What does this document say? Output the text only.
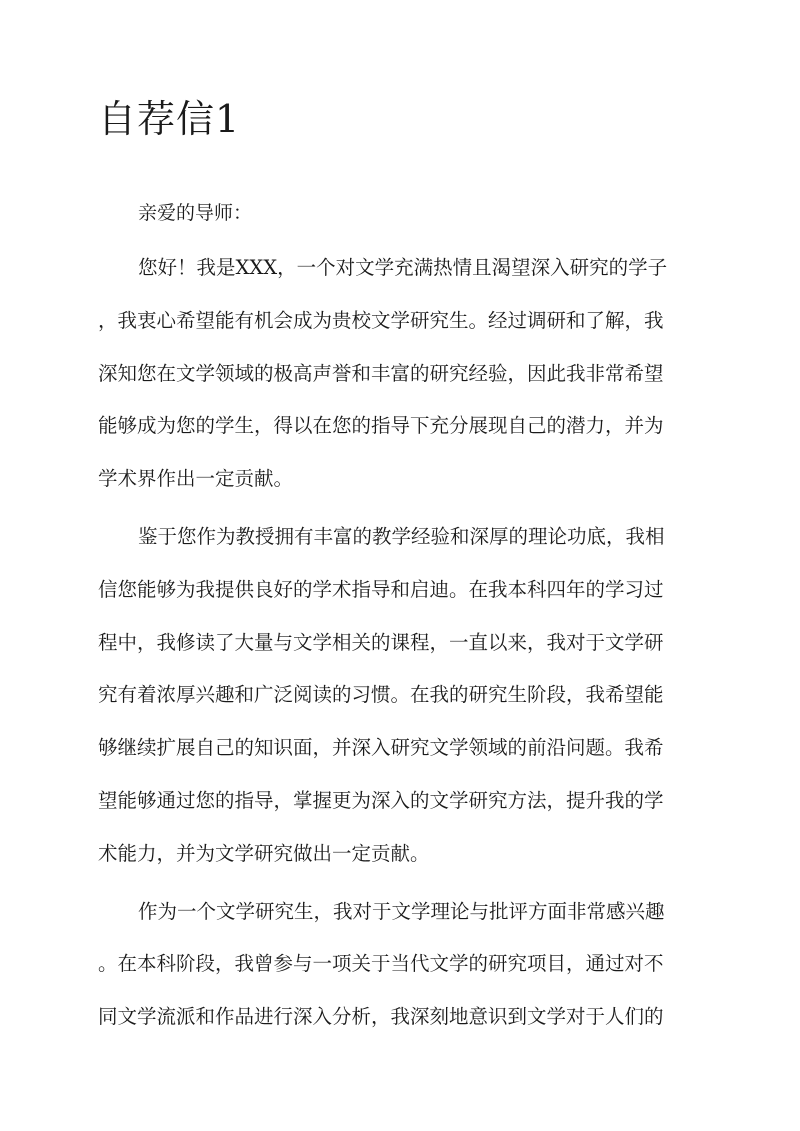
自荐信1

亲爱的导师：

您好！我是XXX，一个对文学充满热情且渴望深入研究的学子
，我衷心希望能有机会成为贵校文学研究生。经过调研和了解，我
深知您在文学领域的极高声誉和丰富的研究经验，因此我非常希望
能够成为您的学生，得以在您的指导下充分展现自己的潜力，并为
学术界作出一定贡献。
鉴于您作为教授拥有丰富的教学经验和深厚的理论功底，我相
信您能够为我提供良好的学术指导和启迪。在我本科四年的学习过
程中，我修读了大量与文学相关的课程，一直以来，我对于文学研
究有着浓厚兴趣和广泛阅读的习惯。在我的研究生阶段，我希望能
够继续扩展自己的知识面，并深入研究文学领域的前沿问题。我希
望能够通过您的指导，掌握更为深入的文学研究方法，提升我的学
术能力，并为文学研究做出一定贡献。
作为一个文学研究生，我对于文学理论与批评方面非常感兴趣
。在本科阶段，我曾参与一项关于当代文学的研究项目，通过对不
同文学流派和作品进行深入分析，我深刻地意识到文学对于人们的
